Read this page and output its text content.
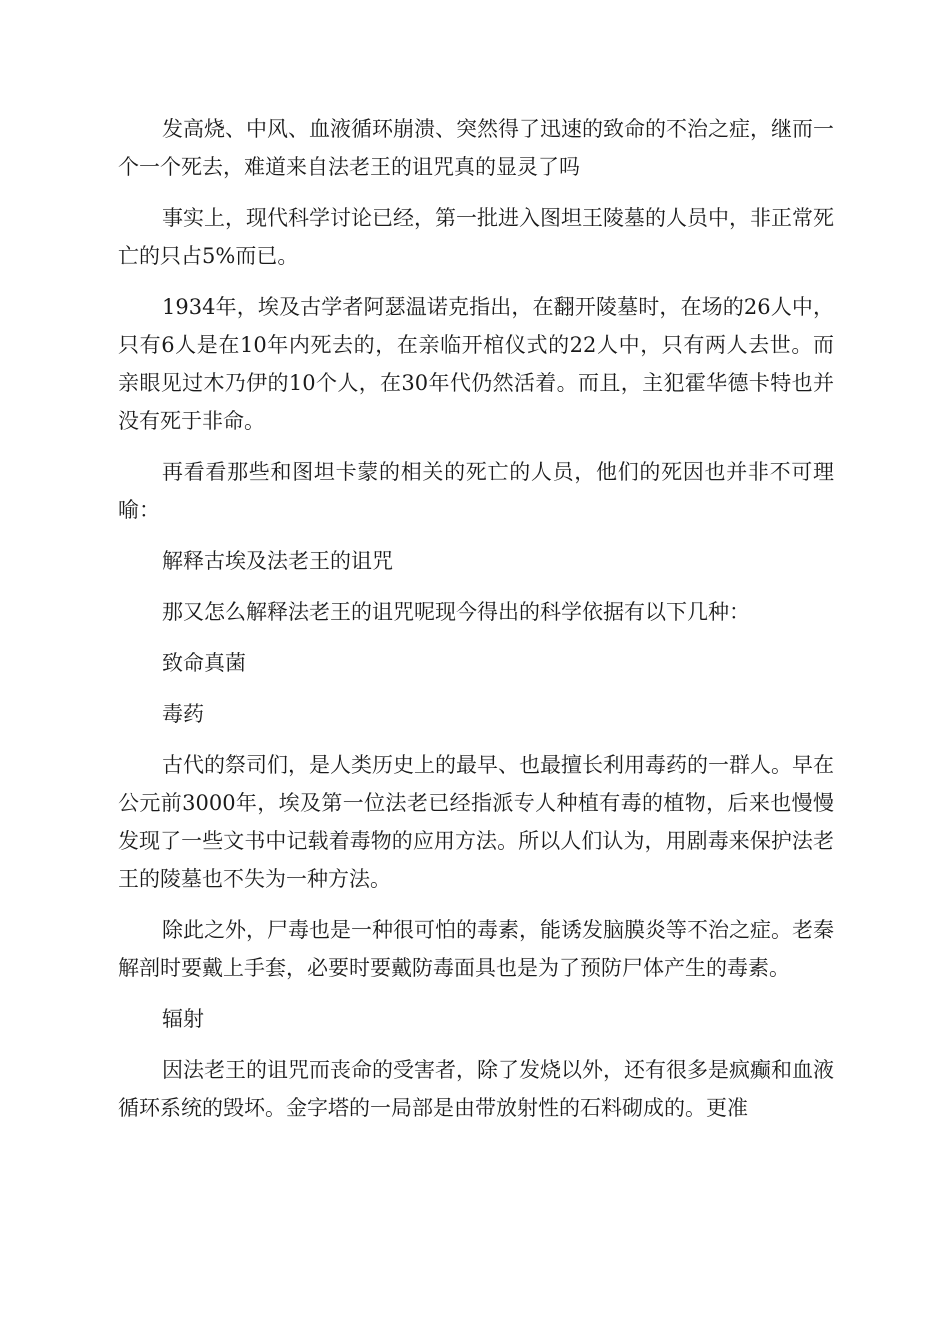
发高烧、中风、血液循环崩溃、突然得了迅速的致命的不治之症，继而一个一个死去，难道来自法老王的诅咒真的显灵了吗

事实上，现代科学讨论已经，第一批进入图坦王陵墓的人员中，非正常死亡的只占5%而已。

1934年，埃及古学者阿瑟温诺克指出，在翻开陵墓时，在场的26人中，只有6人是在10年内死去的，在亲临开棺仪式的22人中，只有两人去世。而亲眼见过木乃伊的10个人，在30年代仍然活着。而且，主犯霍华德卡特也并没有死于非命。

再看看那些和图坦卡蒙的相关的死亡的人员，他们的死因也并非不可理喻：

解释古埃及法老王的诅咒

那又怎么解释法老王的诅咒呢现今得出的科学依据有以下几种：

致命真菌

毒药

古代的祭司们，是人类历史上的最早、也最擅长利用毒药的一群人。早在公元前3000年，埃及第一位法老已经指派专人种植有毒的植物，后来也慢慢发现了一些文书中记载着毒物的应用方法。所以人们认为，用剧毒来保护法老王的陵墓也不失为一种方法。

除此之外，尸毒也是一种很可怕的毒素，能诱发脑膜炎等不治之症。老秦解剖时要戴上手套，必要时要戴防毒面具也是为了预防尸体产生的毒素。

辐射

因法老王的诅咒而丧命的受害者，除了发烧以外，还有很多是疯癫和血液循环系统的毁坏。金字塔的一局部是由带放射性的石料砌成的。更准
